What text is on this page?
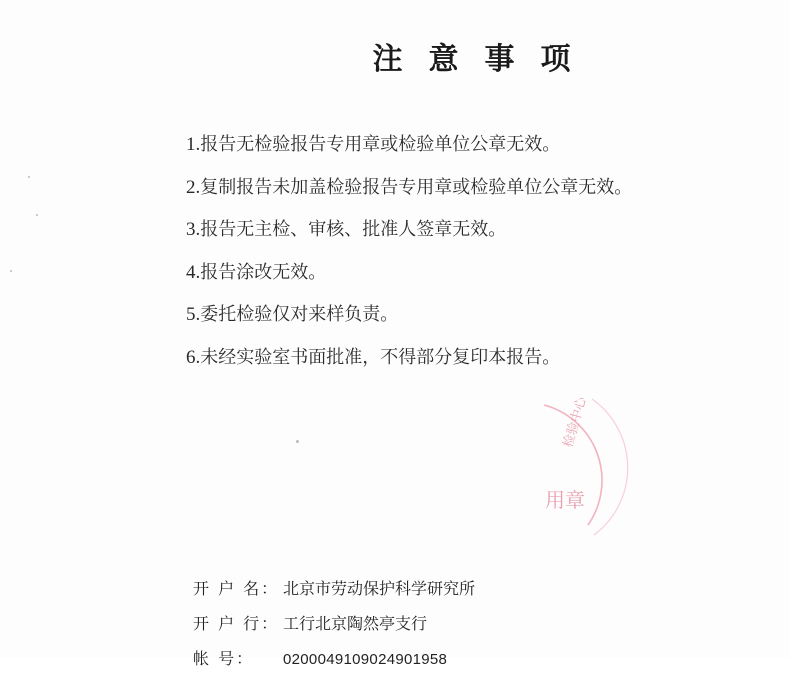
注意事项
1.报告无检验报告专用章或检验单位公章无效。
2.复制报告未加盖检验报告专用章或检验单位公章无效。
3.报告无主检、审核、批准人签章无效。
4.报告涂改无效。
5.委托检验仅对来样负责。
6.未经实验室书面批准，不得部分复印本报告。
检验中心
用章
开 户 名： 北京市劳动保护科学研究所
开 户 行： 工行北京陶然亭支行
帐 号： 0200049109024901958
